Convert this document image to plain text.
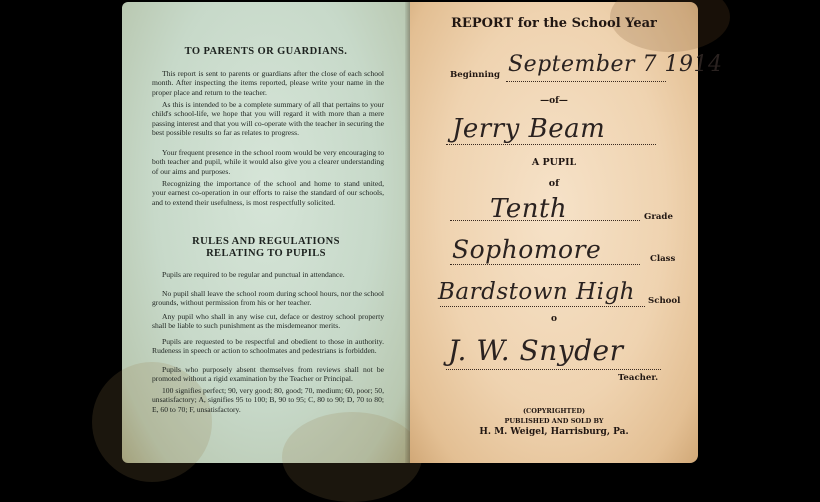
TO PARENTS OR GUARDIANS.
This report is sent to parents or guardians after the close of each school month. After inspecting the items reported, please write your name in the proper place and return to the teacher.
As this is intended to be a complete summary of all that pertains to your child's school-life, we hope that you will regard it with more than a mere passing interest and that you will co-operate with the teacher in securing the best possible results so far as relates to progress.
Your frequent presence in the school room would be very encouraging to both teacher and pupil, while it would also give you a clearer understanding of our aims and purposes.
Recognizing the importance of the school and home to stand united, your earnest co-operation in our efforts to raise the standard of our schools, and to extend their usefulness, is most respectfully solicited.
RULES AND REGULATIONS
RELATING TO PUPILS
Pupils are required to be regular and punctual in attendance.
No pupil shall leave the school room during school hours, nor the school grounds, without permission from his or her teacher.
Any pupil who shall in any wise cut, deface or destroy school property shall be liable to such punishment as the misdemeanor merits.
Pupils are requested to be respectful and obedient to those in authority. Rudeness in speech or action to schoolmates and pedestrians is forbidden.
Pupils who purposely absent themselves from reviews shall not be promoted without a rigid examination by the Teacher or Principal.
100 signifies perfect; 90, very good; 80, good; 70, medium; 60, poor; 50, unsatisfactory; A, signifies 95 to 100; B, 90 to 95; C, 80 to 90; D, 70 to 80; E, 60 to 70; F, unsatisfactory.
REPORT for the School Year
Beginning September 7 1914
—of—
Jerry Beam
A PUPIL
of
Tenth	Grade
Sophomore	Class
Bardstown High School
o
J. W. Snyder
Teacher.
(COPYRIGHTED)
PUBLISHED AND SOLD BY
H. M. Weigel, Harrisburg, Pa.
